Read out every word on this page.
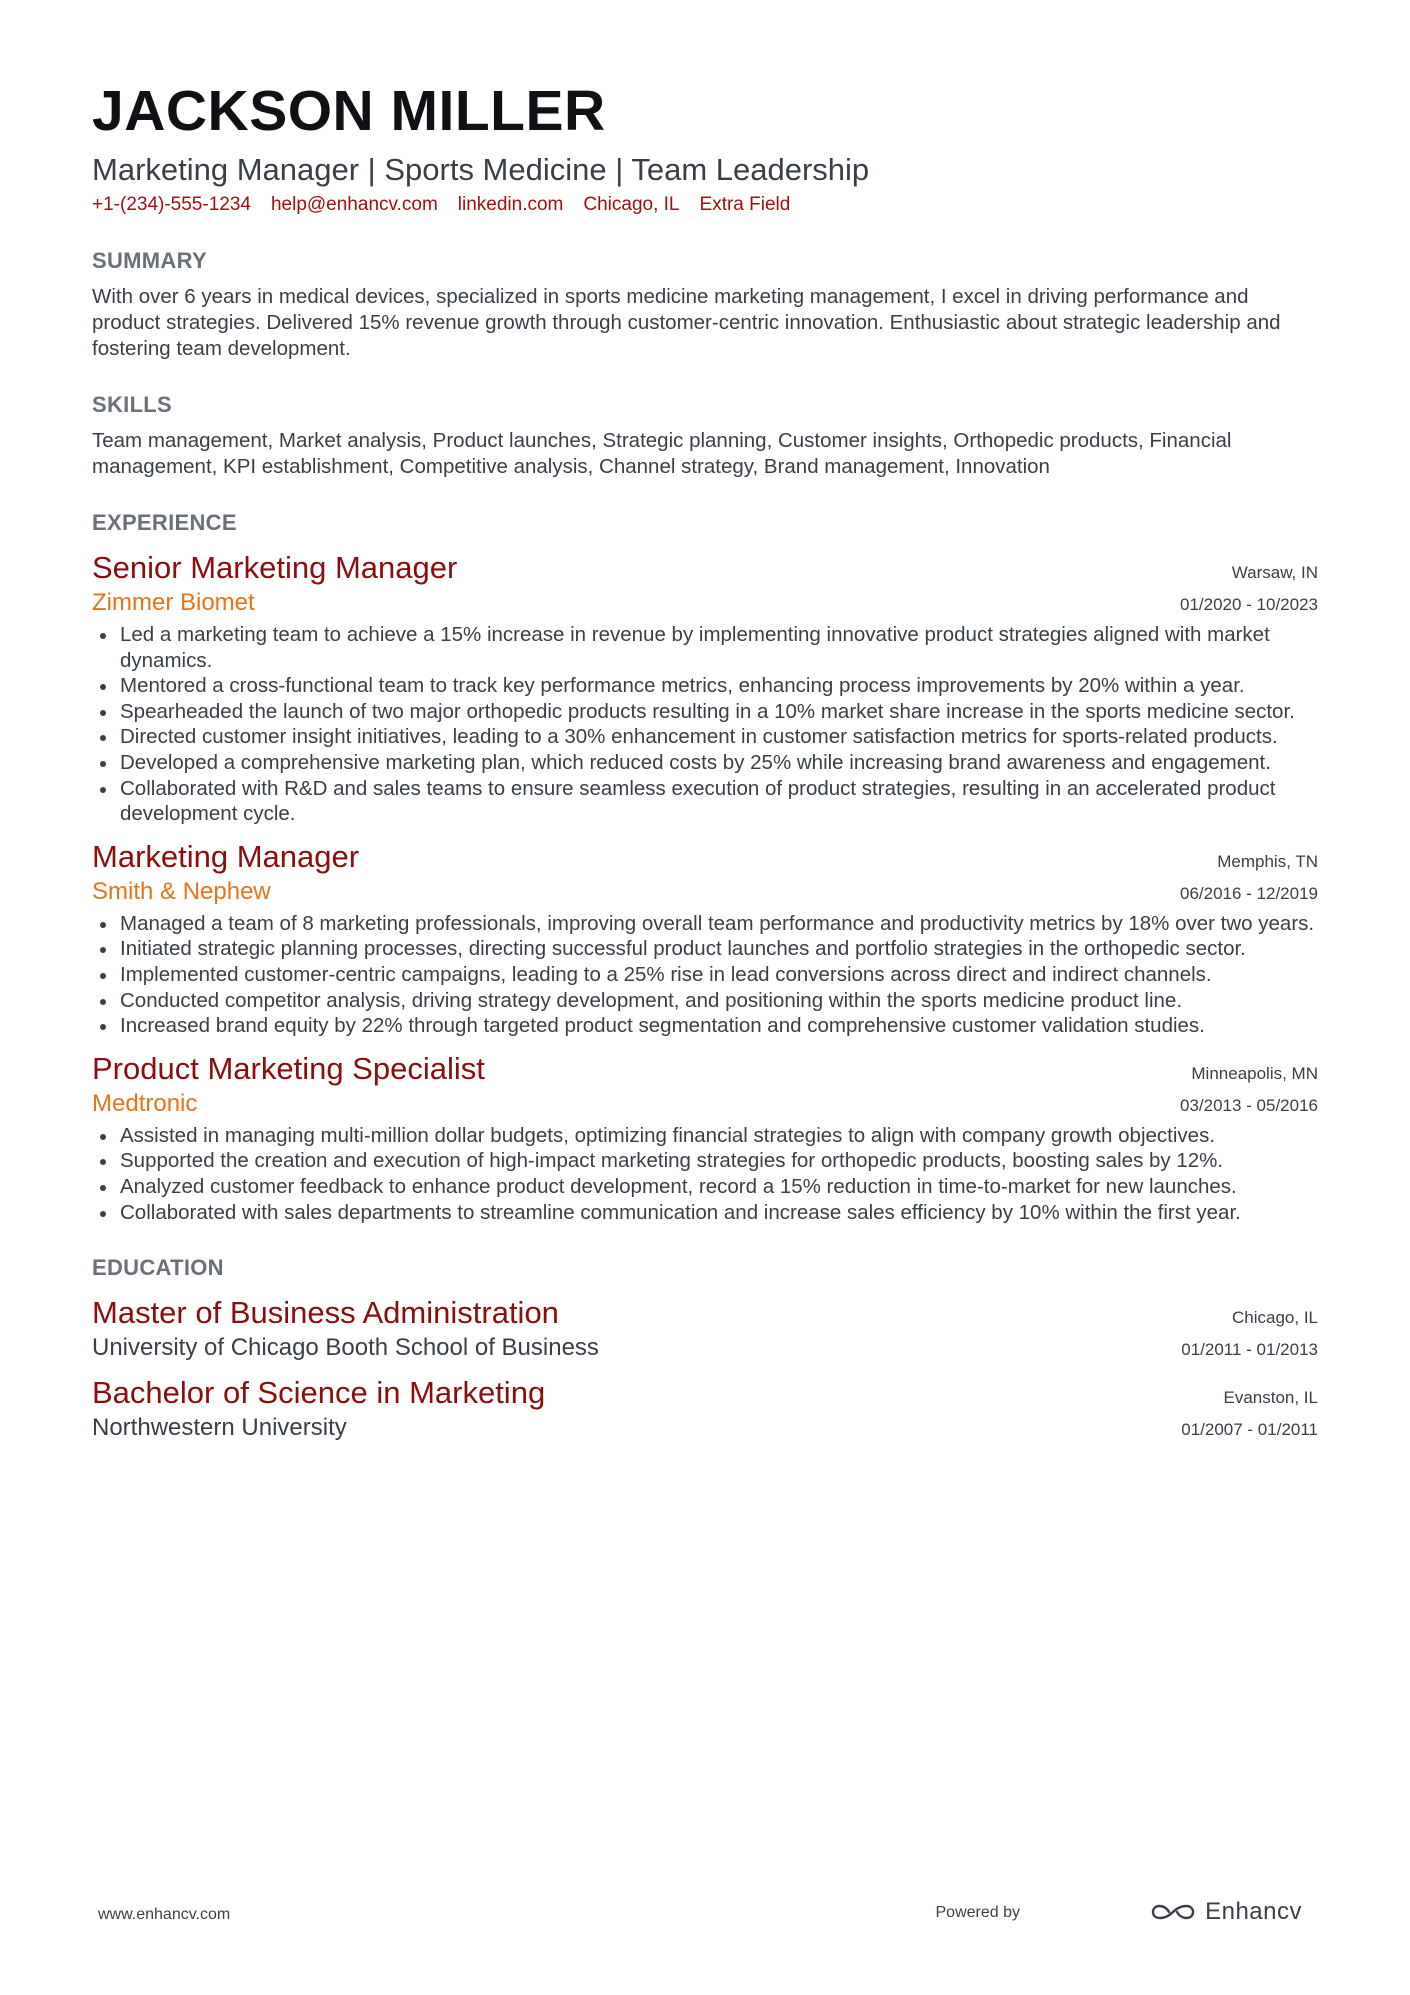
JACKSON MILLER
Marketing Manager | Sports Medicine | Team Leadership
+1-(234)-555-1234 help@enhancv.com linkedin.com Chicago, IL Extra Field
SUMMARY
With over 6 years in medical devices, specialized in sports medicine marketing management, I excel in driving performance and product strategies. Delivered 15% revenue growth through customer-centric innovation. Enthusiastic about strategic leadership and fostering team development.
SKILLS
Team management, Market analysis, Product launches, Strategic planning, Customer insights, Orthopedic products, Financial management, KPI establishment, Competitive analysis, Channel strategy, Brand management, Innovation
EXPERIENCE
Senior Marketing Manager	Warsaw, IN
Zimmer Biomet	01/2020 - 10/2023
Led a marketing team to achieve a 15% increase in revenue by implementing innovative product strategies aligned with market dynamics.
Mentored a cross-functional team to track key performance metrics, enhancing process improvements by 20% within a year.
Spearheaded the launch of two major orthopedic products resulting in a 10% market share increase in the sports medicine sector.
Directed customer insight initiatives, leading to a 30% enhancement in customer satisfaction metrics for sports-related products.
Developed a comprehensive marketing plan, which reduced costs by 25% while increasing brand awareness and engagement.
Collaborated with R&D and sales teams to ensure seamless execution of product strategies, resulting in an accelerated product development cycle.
Marketing Manager	Memphis, TN
Smith & Nephew	06/2016 - 12/2019
Managed a team of 8 marketing professionals, improving overall team performance and productivity metrics by 18% over two years.
Initiated strategic planning processes, directing successful product launches and portfolio strategies in the orthopedic sector.
Implemented customer-centric campaigns, leading to a 25% rise in lead conversions across direct and indirect channels.
Conducted competitor analysis, driving strategy development, and positioning within the sports medicine product line.
Increased brand equity by 22% through targeted product segmentation and comprehensive customer validation studies.
Product Marketing Specialist	Minneapolis, MN
Medtronic	03/2013 - 05/2016
Assisted in managing multi-million dollar budgets, optimizing financial strategies to align with company growth objectives.
Supported the creation and execution of high-impact marketing strategies for orthopedic products, boosting sales by 12%.
Analyzed customer feedback to enhance product development, record a 15% reduction in time-to-market for new launches.
Collaborated with sales departments to streamline communication and increase sales efficiency by 10% within the first year.
EDUCATION
Master of Business Administration	Chicago, IL
University of Chicago Booth School of Business	01/2011 - 01/2013
Bachelor of Science in Marketing	Evanston, IL
Northwestern University	01/2007 - 01/2011
www.enhancv.com	Powered by	Enhancv
